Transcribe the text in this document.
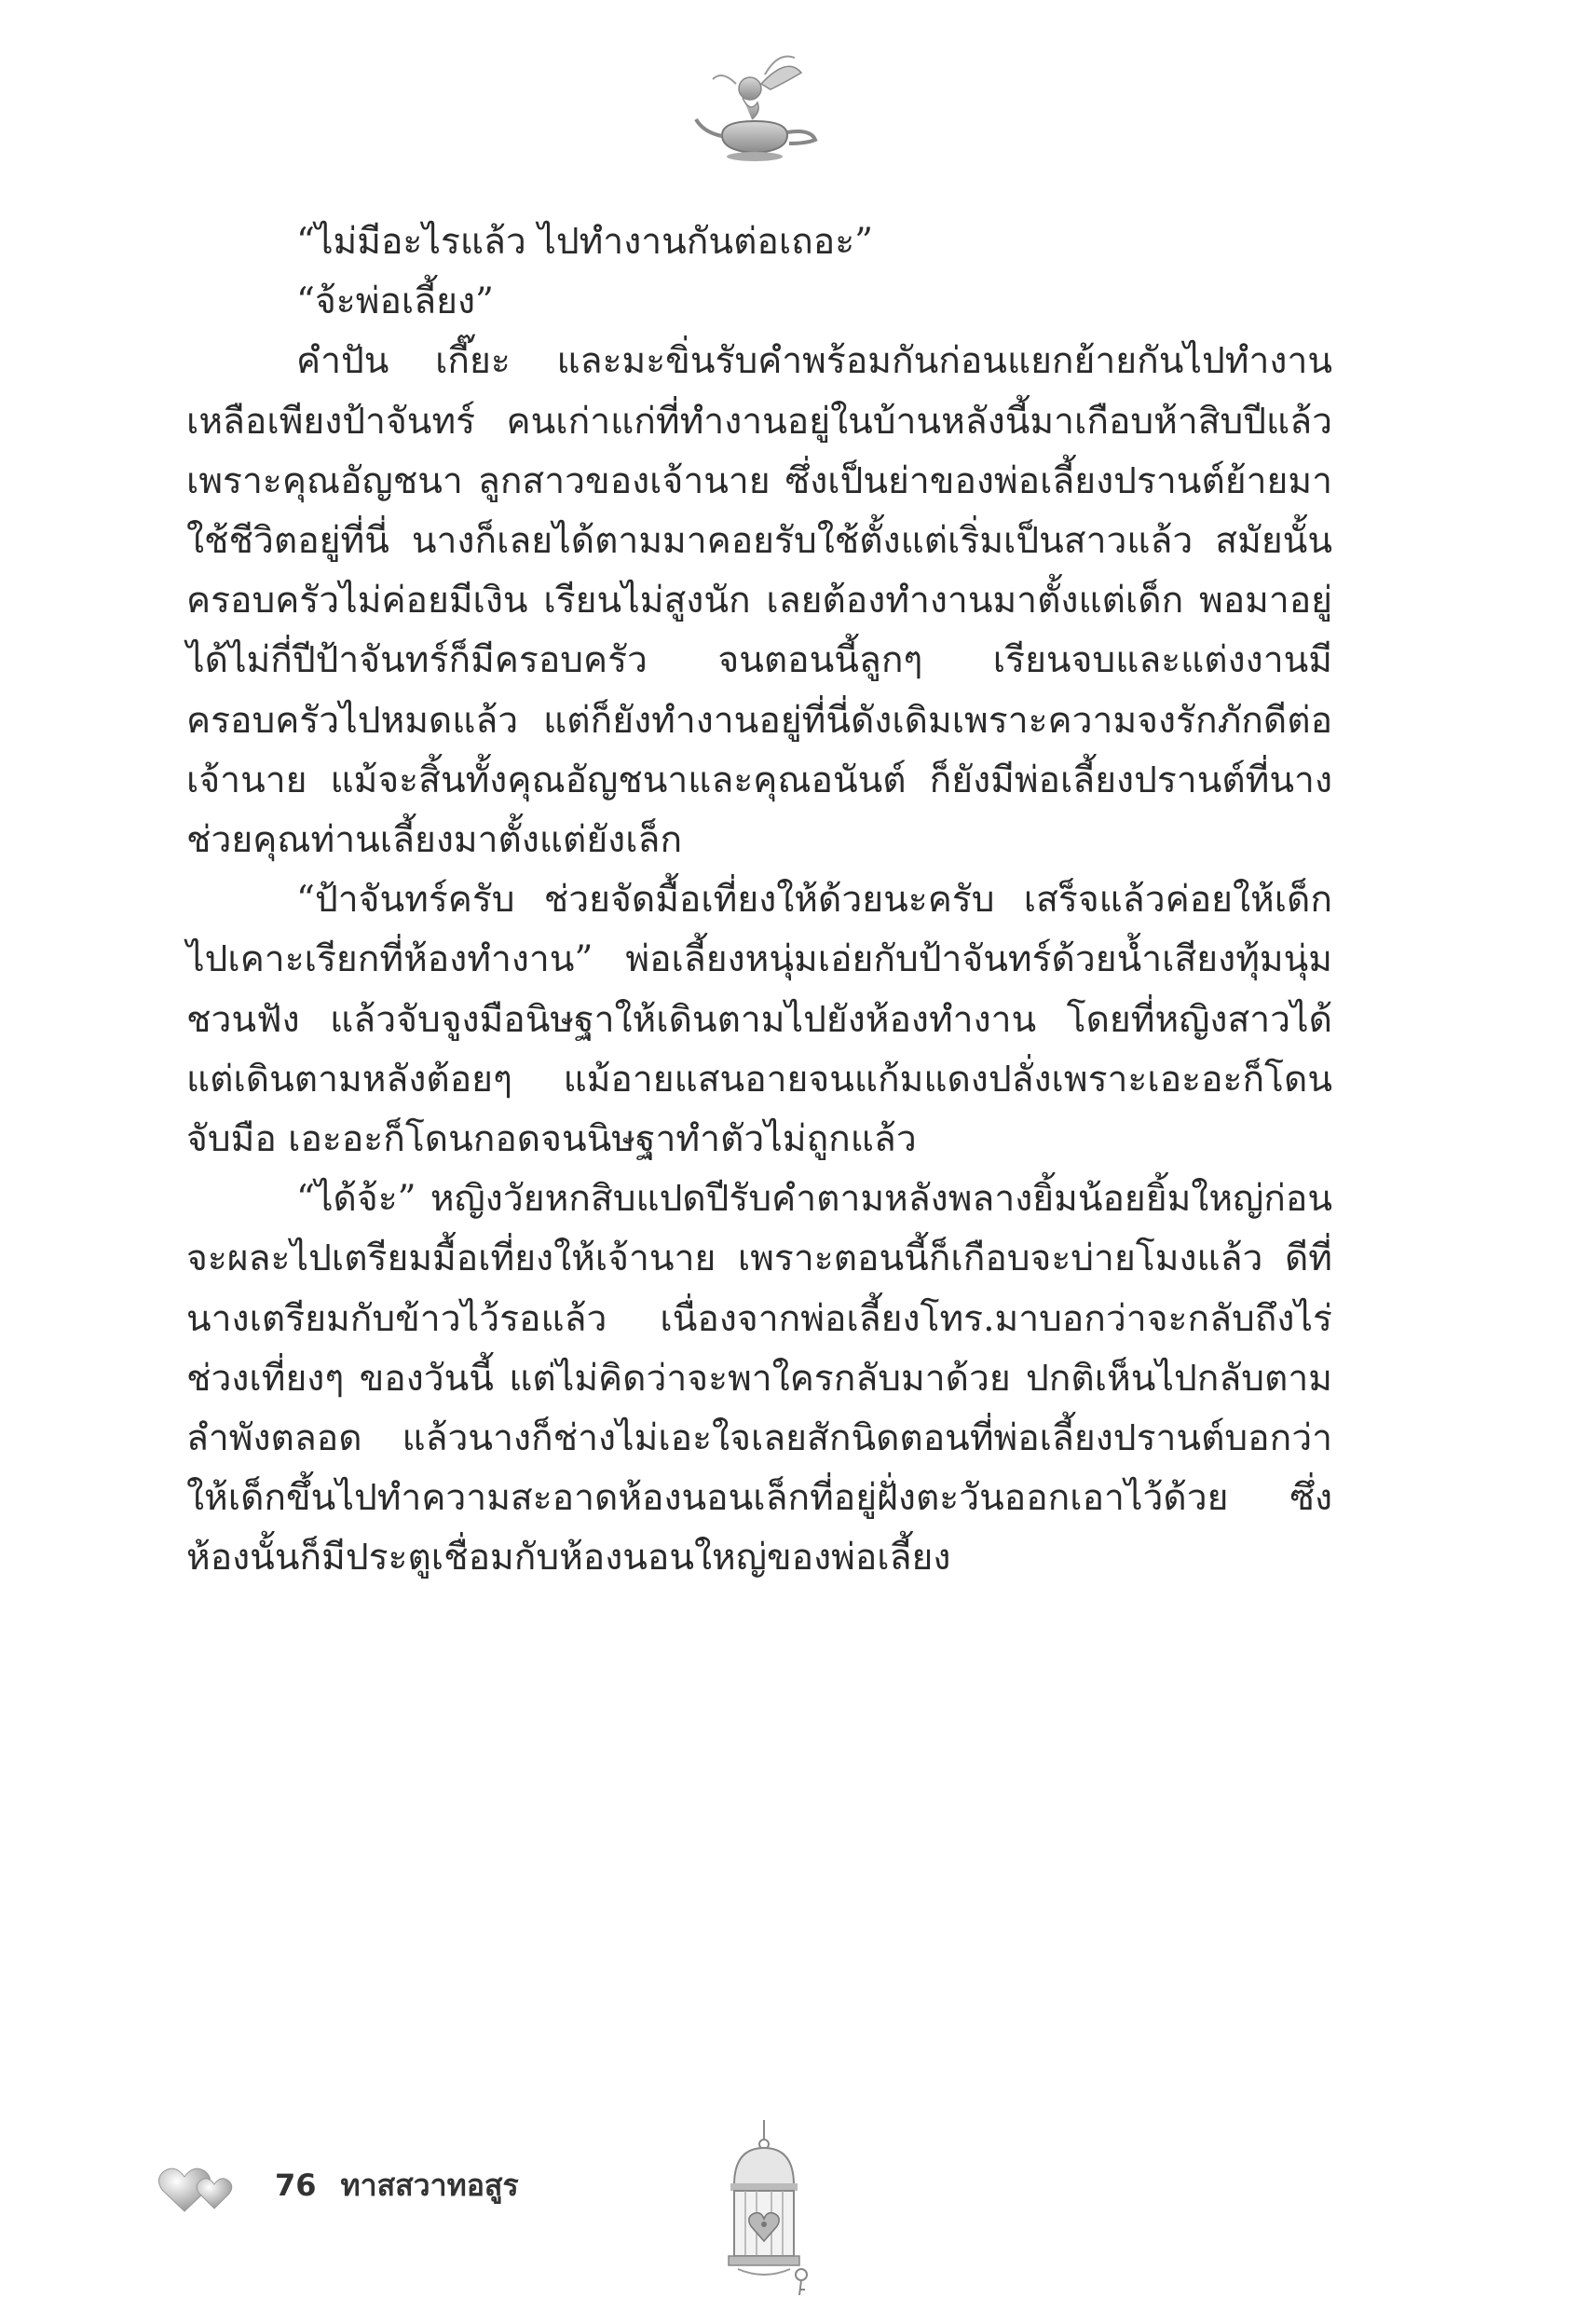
“ไม่มีอะไรแล้ว ไปทำงานกันต่อเถอะ”

“จ้ะพ่อเลี้ยง”

คำปัน เกี๊ยะ และมะขิ่นรับคำพร้อมกันก่อนแยกย้ายกันไปทำงาน เหลือเพียงป้าจันทร์ คนเก่าแก่ที่ทำงานอยู่ในบ้านหลังนี้มาเกือบห้าสิบปีแล้ว เพราะคุณอัญชนา ลูกสาวของเจ้านาย ซึ่งเป็นย่าของพ่อเลี้ยงปรานต์ย้ายมาใช้ชีวิตอยู่ที่นี่ นางก็เลยได้ตามมาคอยรับใช้ตั้งแต่เริ่มเป็นสาวแล้ว สมัยนั้นครอบครัวไม่ค่อยมีเงิน เรียนไม่สูงนัก เลยต้องทำงานมาตั้งแต่เด็ก พอมาอยู่ได้ไม่กี่ปีป้าจันทร์ก็มีครอบครัว จนตอนนี้ลูกๆ เรียนจบและแต่งงานมีครอบครัวไปหมดแล้ว แต่ก็ยังทำงานอยู่ที่นี่ดังเดิมเพราะความจงรักภักดีต่อเจ้านาย แม้จะสิ้นทั้งคุณอัญชนาและคุณอนันต์ ก็ยังมีพ่อเลี้ยงปรานต์ที่นางช่วยคุณท่านเลี้ยงมาตั้งแต่ยังเล็ก

“ป้าจันทร์ครับ ช่วยจัดมื้อเที่ยงให้ด้วยนะครับ เสร็จแล้วค่อยให้เด็กไปเคาะเรียกที่ห้องทำงาน” พ่อเลี้ยงหนุ่มเอ่ยกับป้าจันทร์ด้วยน้ำเสียงทุ้มนุ่มชวนฟัง แล้วจับจูงมือนิษฐาให้เดินตามไปยังห้องทำงาน โดยที่หญิงสาวได้แต่เดินตามหลังต้อยๆ แม้อายแสนอายจนแก้มแดงปลั่งเพราะเอะอะก็โดนจับมือ เอะอะก็โดนกอดจนนิษฐาทำตัวไม่ถูกแล้ว

“ได้จ้ะ” หญิงวัยหกสิบแปดปีรับคำตามหลังพลางยิ้มน้อยยิ้มใหญ่ก่อนจะผละไปเตรียมมื้อเที่ยงให้เจ้านาย เพราะตอนนี้ก็เกือบจะบ่ายโมงแล้ว ดีที่นางเตรียมกับข้าวไว้รอแล้ว เนื่องจากพ่อเลี้ยงโทร.มาบอกว่าจะกลับถึงไร่ช่วงเที่ยงๆ ของวันนี้ แต่ไม่คิดว่าจะพาใครกลับมาด้วย ปกติเห็นไปกลับตามลำพังตลอด แล้วนางก็ช่างไม่เอะใจเลยสักนิดตอนที่พ่อเลี้ยงปรานต์บอกว่าให้เด็กขึ้นไปทำความสะอาดห้องนอนเล็กที่อยู่ฝั่งตะวันออกเอาไว้ด้วย ซึ่งห้องนั้นก็มีประตูเชื่อมกับห้องนอนใหญ่ของพ่อเลี้ยง

76 ทาสสวาทอสูร
